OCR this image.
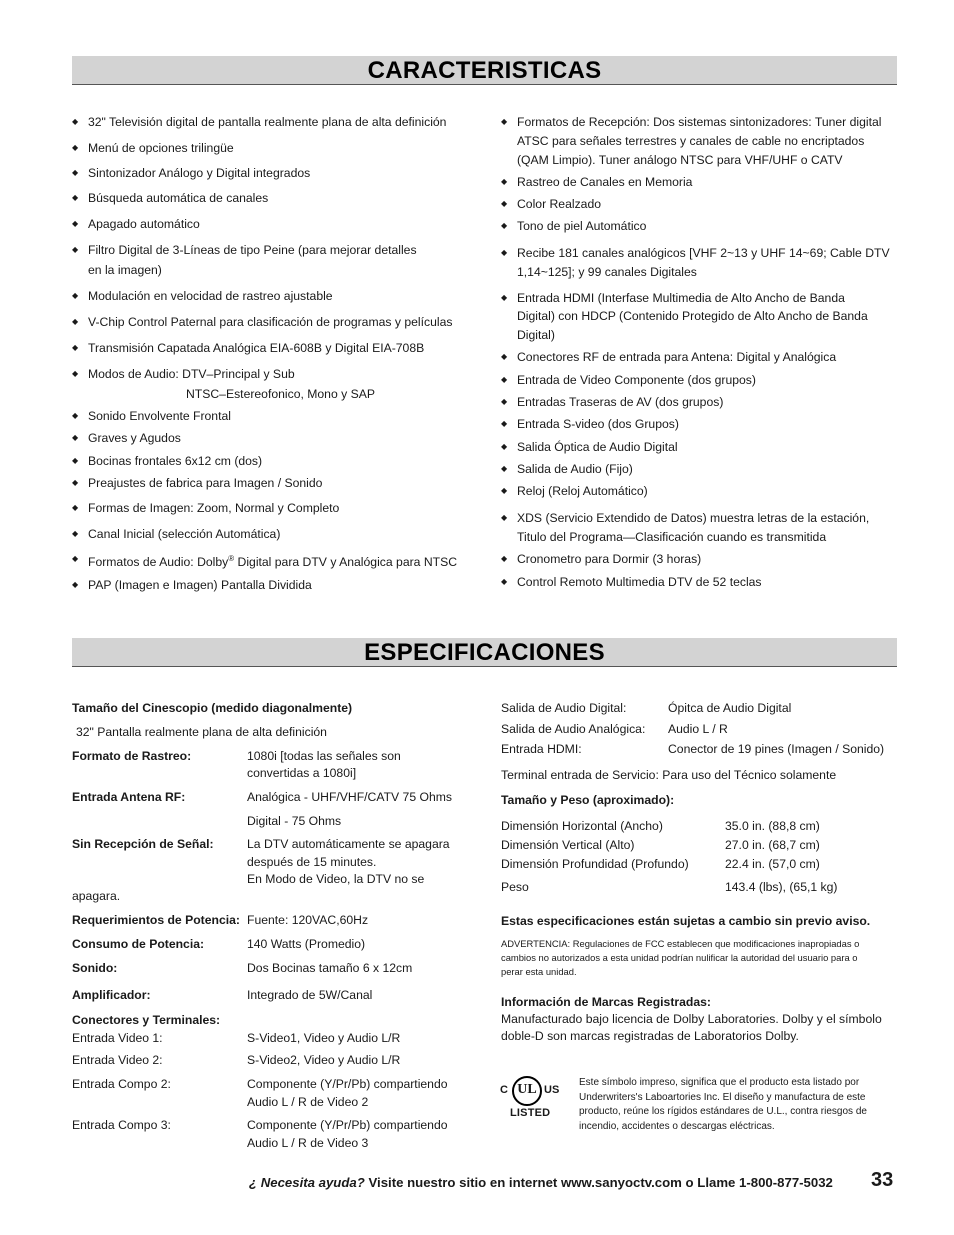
CARACTERISTICAS
◆ 32" Televisión digital de pantalla realmente plana de alta definición
◆ Menú de opciones trilingüe
◆ Sintonizador Análogo y Digital integrados
◆ Búsqueda automática de canales
◆ Apagado automático
◆ Filtro Digital de 3-Líneas de tipo Peine (para mejorar detalles
en la imagen)
◆ Modulación en velocidad de rastreo ajustable
◆ V-Chip Control Paternal para clasificación de programas y películas
◆ Transmisión Capatada Analógica EIA-608B y Digital EIA-708B
◆ Modos de Audio: DTV–Principal y Sub
NTSC–Estereofonico, Mono y SAP
◆ Sonido Envolvente Frontal
◆ Graves y Agudos
◆ Bocinas frontales 6x12 cm (dos)
◆ Preajustes de fabrica para Imagen / Sonido
◆ Formas de Imagen: Zoom, Normal y Completo
◆ Canal Inicial (selección Automática)
◆ Formatos de Audio: Dolby® Digital para DTV y Analógica para NTSC
◆ PAP (Imagen e Imagen) Pantalla Dividida
◆ Formatos de Recepción: Dos sistemas sintonizadores: Tuner digital
ATSC para señales terrestres y canales de cable no encriptados
(QAM Limpio). Tuner análogo NTSC para VHF/UHF o CATV
◆ Rastreo de Canales en Memoria
◆ Color Realzado
◆ Tono de piel Automático
◆ Recibe 181 canales analógicos [VHF 2~13 y UHF 14~69; Cable DTV
1,14~125]; y 99 canales Digitales
◆ Entrada HDMI (Interfase Multimedia de Alto Ancho de Banda
Digital) con HDCP (Contenido Protegido de Alto Ancho de Banda
Digital)
◆ Conectores RF de entrada para Antena: Digital y Analógica
◆ Entrada de Video Componente (dos grupos)
◆ Entradas Traseras de AV (dos grupos)
◆ Entrada S-video (dos Grupos)
◆ Salida Óptica de Audio Digital
◆ Salida de Audio (Fijo)
◆ Reloj (Reloj Automático)
◆ XDS (Servicio Extendido de Datos) muestra letras de la estación,
Titulo del Programa—Clasificación cuando es transmitida
◆ Cronometro para Dormir (3 horas)
◆ Control Remoto Multimedia DTV de 52 teclas
ESPECIFICACIONES
Tamaño del Cinescopio (medido diagonalmente)
32" Pantalla realmente plana de alta definición
Formato de Rastreo:	1080i [todas las señales son
convertidas a 1080i]
Entrada Antena RF:	Analógica - UHF/VHF/CATV 75 Ohms
Digital - 75 Ohms
Sin Recepción de Señal:	La DTV automáticamente se apagara
después de 15 minutes.
En Modo de Video, la DTV no se
apagara.
Requerimientos de Potencia: Fuente: 120VAC,60Hz
Consumo de Potencia:	140 Watts (Promedio)
Sonido:	Dos Bocinas tamaño 6 x 12cm
Amplificador:	Integrado de 5W/Canal
Conectores y Terminales:
Entrada Video 1:	S-Video1, Video y Audio L/R
Entrada Video 2:	S-Video2, Video y Audio L/R
Entrada Compo 2:	Componente (Y/Pr/Pb) compartiendo
Audio L / R de Video 2
Entrada Compo 3:	Componente (Y/Pr/Pb) compartiendo
Audio L / R de Video 3
Salida de Audio Digital:	Ópitca de Audio Digital
Salida de Audio Analógica: Audio L / R
Entrada HDMI:	Conector de 19 pines (Imagen / Sonido)
Terminal entrada de Servicio: Para uso del Técnico solamente
Tamaño y Peso (aproximado):
Dimensión Horizontal (Ancho)	35.0 in. (88,8 cm)
Dimensión Vertical (Alto)	27.0 in. (68,7 cm)
Dimensión Profundidad (Profundo)	22.4 in. (57,0 cm)
Peso	143.4 (lbs), (65,1 kg)
Estas especificaciones están sujetas a cambio sin previo aviso.
ADVERTENCIA: Regulaciones de FCC establecen que modificaciones inapropiadas o
cambios no autorizados a esta unidad podrían nulificar la autoridad del usuario para o
perar esta unidad.
Información de Marcas Registradas:
Manufacturado bajo licencia de Dolby Laboratories. Dolby y el símbolo
doble-D son marcas registradas de Laboratorios Dolby.
C UL US
LISTED
Este símbolo impreso, significa que el producto esta listado por
Underwriters's Laboartories Inc. El diseño y manufactura de este
producto, reúne los rígidos estándares de U.L., contra riesgos de
incendio, accidentes o descargas eléctricas.
¿ Necesita ayuda? Visite nuestro sitio en internet www.sanyoctv.com o Llame 1-800-877-5032 33
